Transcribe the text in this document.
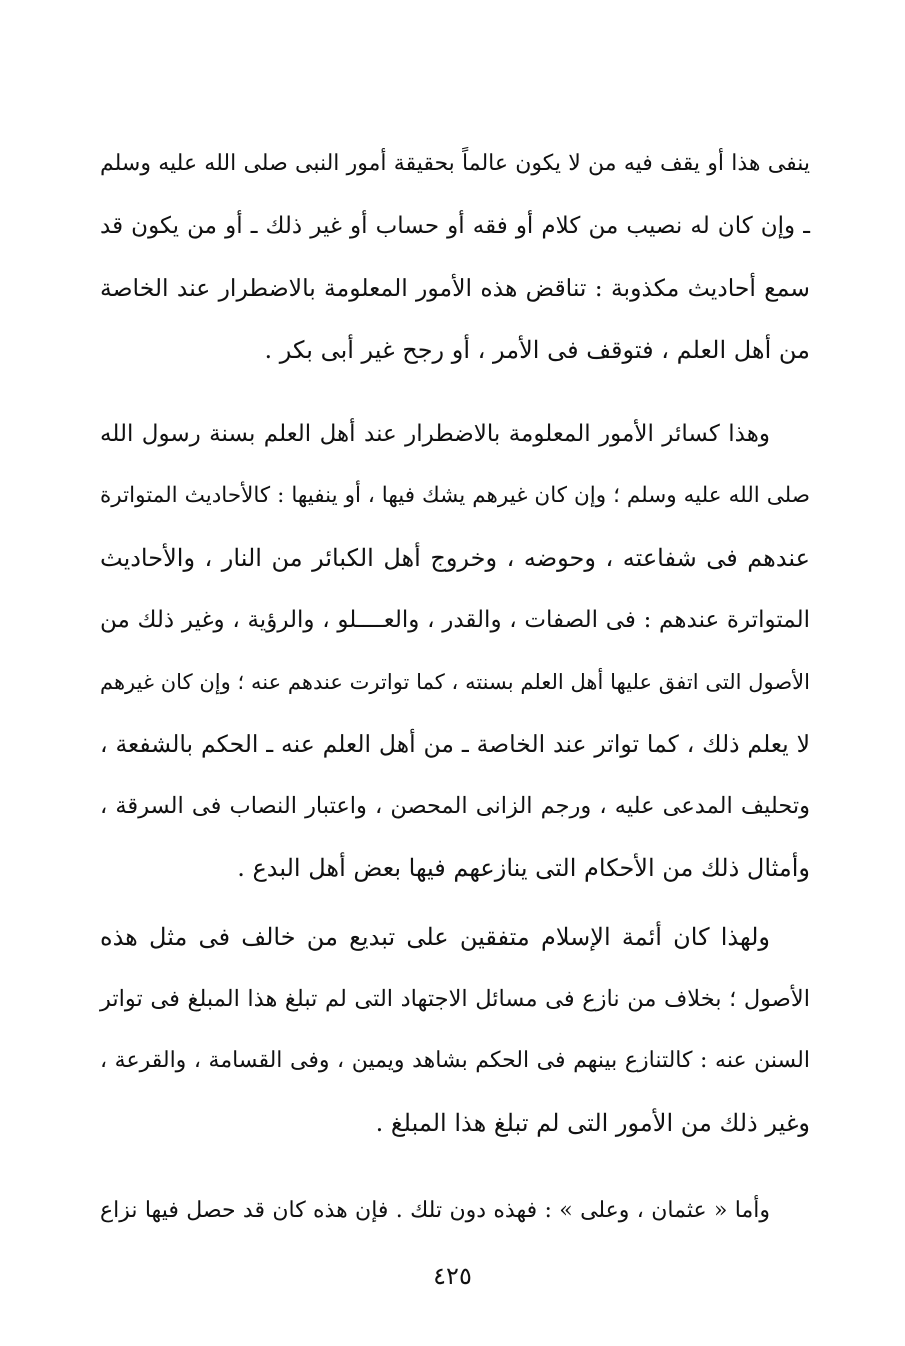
ينفى هذا أو يقف فيه من لا يكون عالماً بحقيقة أمور النبى صلى الله عليه وسلم
ـ وإن كان له نصيب من كلام أو فقه أو حساب أو غير ذلك ـ أو من يكون قد
سمع أحاديث مكذوبة : تناقض هذه الأمور المعلومة بالاضطرار عند الخاصة
من أهل العلم ، فتوقف فى الأمر ، أو رجح غير أبى بكر .
وهذا كسائر الأمور المعلومة بالاضطرار عند أهل العلم بسنة رسول الله
صلى الله عليه وسلم ؛ وإن كان غيرهم يشك فيها ، أو ينفيها : كالأحاديث المتواترة
عندهم فى شفاعته ، وحوضه ، وخروج أهل الكبائر من النار ، والأحاديث
المتواترة عندهم : فى الصفات ، والقدر ، والعــــلو ، والرؤية ، وغير ذلك من
الأصول التى اتفق عليها أهل العلم بسنته ، كما تواترت عندهم عنه ؛ وإن كان غيرهم
لا يعلم ذلك ، كما تواتر عند الخاصة ـ من أهل العلم عنه ـ الحكم بالشفعة ،
وتحليف المدعى عليه ، ورجم الزانى المحصن ، واعتبار النصاب فى السرقة ،
وأمثال ذلك من الأحكام التى ينازعهم فيها بعض أهل البدع .
ولهذا كان أئمة الإسلام متفقين على تبديع من خالف فى مثل هذه
الأصول ؛ بخلاف من نازع فى مسائل الاجتهاد التى لم تبلغ هذا المبلغ فى تواتر
السنن عنه : كالتنازع بينهم فى الحكم بشاهد ويمين ، وفى القسامة ، والقرعة ،
وغير ذلك من الأمور التى لم تبلغ هذا المبلغ .
وأما « عثمان ، وعلى » : فهذه دون تلك . فإن هذه كان قد حصل فيها نزاع
٤٢٥
